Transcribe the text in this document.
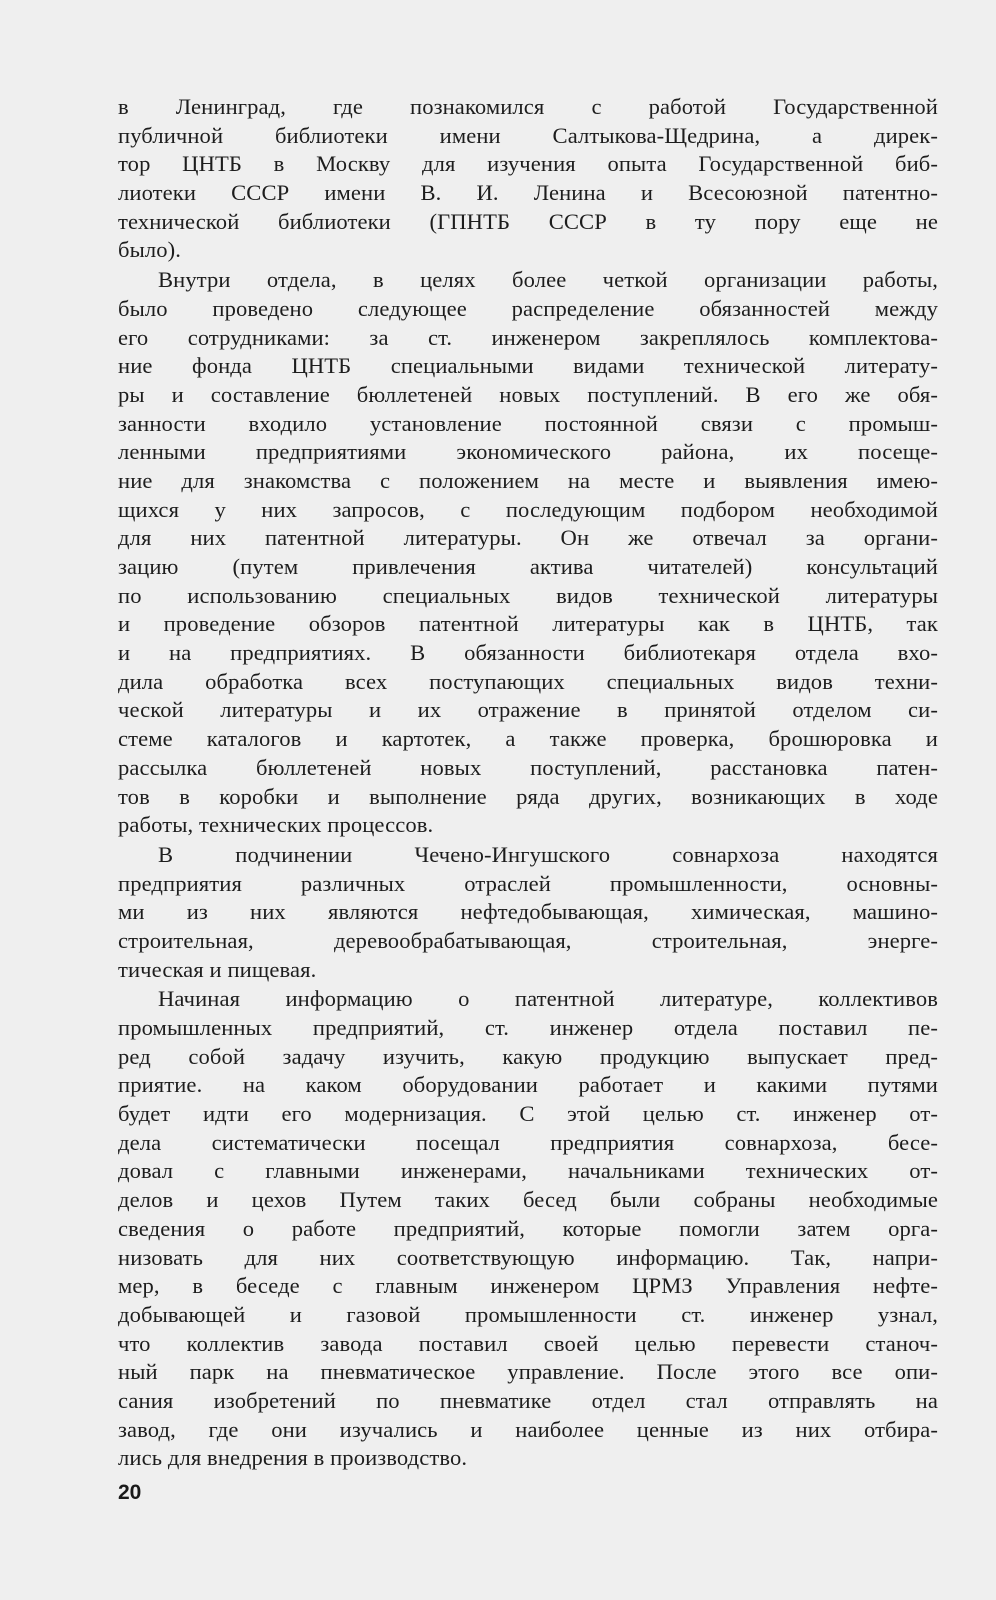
в Ленинград, где познакомился с работой Государственной
публичной библиотеки имени Салтыкова-Щедрина, а дирек-
тор ЦНТБ в Москву для изучения опыта Государственной биб-
лиотеки СССР имени В. И. Ленина и Всесоюзной патентно-
технической библиотеки (ГПНТБ СССР в ту пору еще не
было).
Внутри отдела, в целях более четкой организации работы,
было проведено следующее распределение обязанностей между
его сотрудниками: за ст. инженером закреплялось комплектова-
ние фонда ЦНТБ специальными видами технической литерату-
ры и составление бюллетеней новых поступлений. В его же обя-
занности входило установление постоянной связи с промыш-
ленными предприятиями экономического района, их посеще-
ние для знакомства с положением на месте и выявления имею-
щихся у них запросов, с последующим подбором необходимой
для них патентной литературы. Он же отвечал за органи-
зацию (путем привлечения актива читателей) консультаций
по использованию специальных видов технической литературы
и проведение обзоров патентной литературы как в ЦНТБ, так
и на предприятиях. В обязанности библиотекаря отдела вхо-
дила обработка всех поступающих специальных видов техни-
ческой литературы и их отражение в принятой отделом си-
стеме каталогов и картотек, а также проверка, брошюровка и
рассылка бюллетеней новых поступлений, расстановка патен-
тов в коробки и выполнение ряда других, возникающих в ходе
работы, технических процессов.
В подчинении Чечено-Ингушского совнархоза находятся
предприятия различных отраслей промышленности, основны-
ми из них являются нефтедобывающая, химическая, машино-
строительная, деревообрабатывающая, строительная, энерге-
тическая и пищевая.
Начиная информацию о патентной литературе, коллективов
промышленных предприятий, ст. инженер отдела поставил пе-
ред собой задачу изучить, какую продукцию выпускает пред-
приятие. на каком оборудовании работает и какими путями
будет идти его модернизация. С этой целью ст. инженер от-
дела систематически посещал предприятия совнархоза, бесе-
довал с главными инженерами, начальниками технических от-
делов и цехов Путем таких бесед были собраны необходимые
сведения о работе предприятий, которые помогли затем орга-
низовать для них соответствующую информацию. Так, напри-
мер, в беседе с главным инженером ЦРМЗ Управления нефте-
добывающей и газовой промышленности ст. инженер узнал,
что коллектив завода поставил своей целью перевести станоч-
ный парк на пневматическое управление. После этого все опи-
сания изобретений по пневматике отдел стал отправлять на
завод, где они изучались и наиболее ценные из них отбира-
лись для внедрения в производство.
20
